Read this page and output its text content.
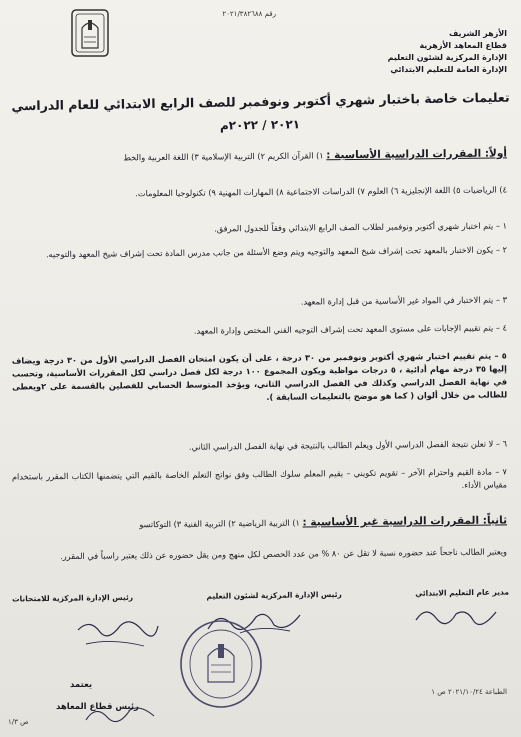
رقم ٢٠٢١/٣٨٢٦٨٨
الأزهر الشريف
قطاع المعاهد الأزهرية
الإدارة المركزية لشئون التعليم
الإدارة العامة للتعليم الابتدائي
تعليمات خاصة باختبار شهري أكتوبر ونوفمبر للصف الرابع الابتدائي للعام الدراسي
٢٠٢١ / ٢٠٢٢م
أولاً: المقررات الدراسية الأساسية : ١) القرآن الكريم ٢) التربية الإسلامية ٣) اللغة العربية والخط
٤) الرياضيات ٥) اللغة الإنجليزية ٦) العلوم ٧) الدراسات الاجتماعية ٨) المهارات المهنية ٩) تكنولوجيا المعلومات.
١ – يتم اختبار شهري أكتوبر ونوفمبر لطلاب الصف الرابع الابتدائي وفقاً للجدول المرفق.
٢ – يكون الاختبار بالمعهد تحت إشراف شيخ المعهد والتوجيه ويتم وضع الأسئلة من جانب مدرس المادة تحت إشراف شيخ المعهد والتوجيه.
٣ – يتم الاختبار في المواد غير الأساسية من قبل إدارة المعهد.
٤ – يتم تقييم الإجابات على مستوى المعهد تحت إشراف التوجيه الفني المختص وإدارة المعهد.
٥ – يتم تقييم اختبار شهري أكتوبر ونوفمبر من ٣٠ درجة ، على أن يكون امتحان الفصل الدراسي الأول من ٣٠ درجة ويضاف إليها ٣٥ درجة مهام أدائية ، ٥ درجات مواظبة ويكون المجموع ١٠٠ درجة لكل فصل دراسي لكل المقررات الأساسية، وتحسب في نهاية الفصل الدراسي وكذلك في الفصل الدراسي الثاني، ويؤخذ المتوسط الحسابي للفصلين بالقسمة على ٢ويعطى للطالب من خلال ألوان ( كما هو موضح بالتعليمات السابقة ).
٦ – لا تعلن نتيجة الفصل الدراسي الأول ويعلم الطالب بالنتيجة في نهاية الفصل الدراسي الثاني.
٧ – مادة القيم واحترام الآخر – تقويم تكويني – يقيم المعلم سلوك الطالب وفق نواتج التعلم الخاصة بالقيم التي يتضمنها الكتاب المقرر باستخدام مقياس الأداء.
ثانياً: المقررات الدراسية غير الأساسية : ١) التربية الرياضية ٢) التربية الفنية ٣) التوكاتسو
ويعتبر الطالب ناجحاً عند حضوره نسبة لا تقل عن ٨٠ % من عدد الحصص لكل منهج ومن يقل حضوره عن ذلك يعتبر راسباً في المقرر.
مدير عام التعليم الابتدائي
رئيس الإدارة المركزية لشئون التعليم
رئيس الإدارة المركزية للامتحانات
يعتمد
رئيس قطاع المعاهد
الطباعة ٢٠٢١/١٠/٢٤ ص ١
ص ١/٣
